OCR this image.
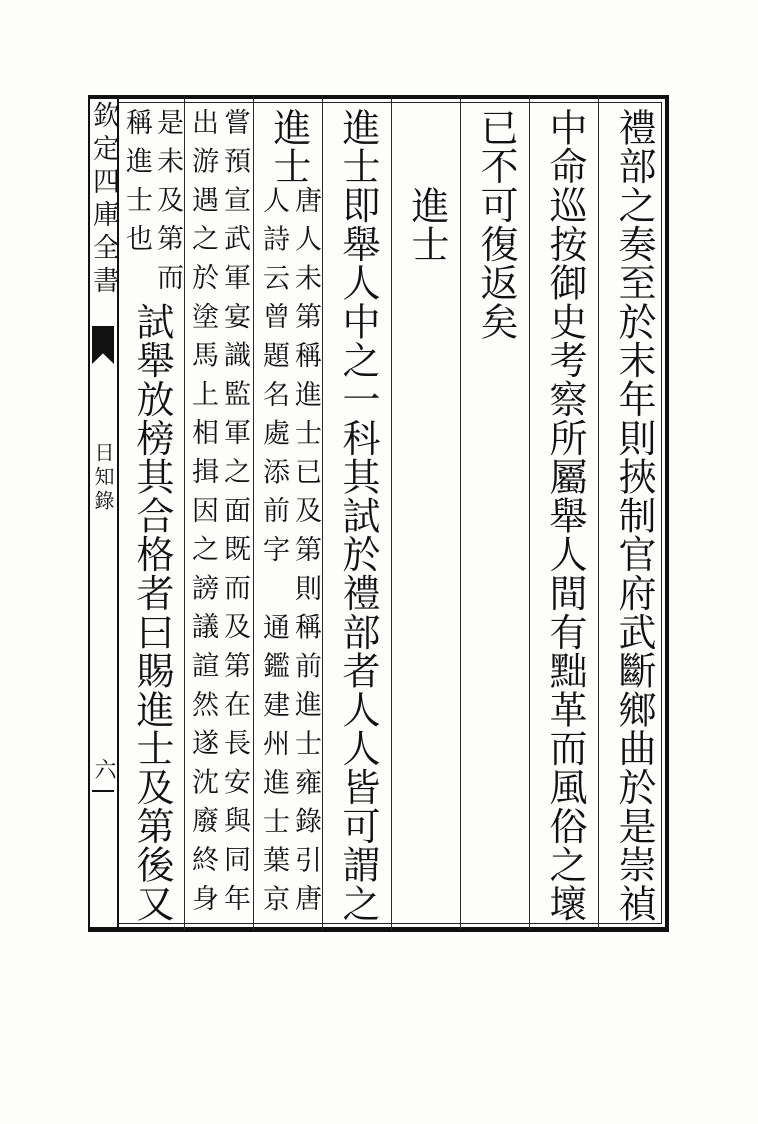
欽定四庫全書
日知錄
六	禮部之奏至於末年則挾制官府武斷鄉曲於是崇禎
中命巡按御史考察所屬舉人間有黜革而風俗之壞
已不可復返矣
進士
進士即舉人中之一科其試於禮部者人人皆可謂之
進士
唐人未第稱進士已及第則稱前進士雍錄引唐
人詩云曾題名處添前字
通鑑建州進士葉京
嘗預宣武軍宴識監軍之面既而及第在長安與同年
出游遇之於塗馬上相揖因之謗議諠然遂沈廢終身
是未及第而
稱進士也
試舉放榜其合格者曰賜進士及第後又
